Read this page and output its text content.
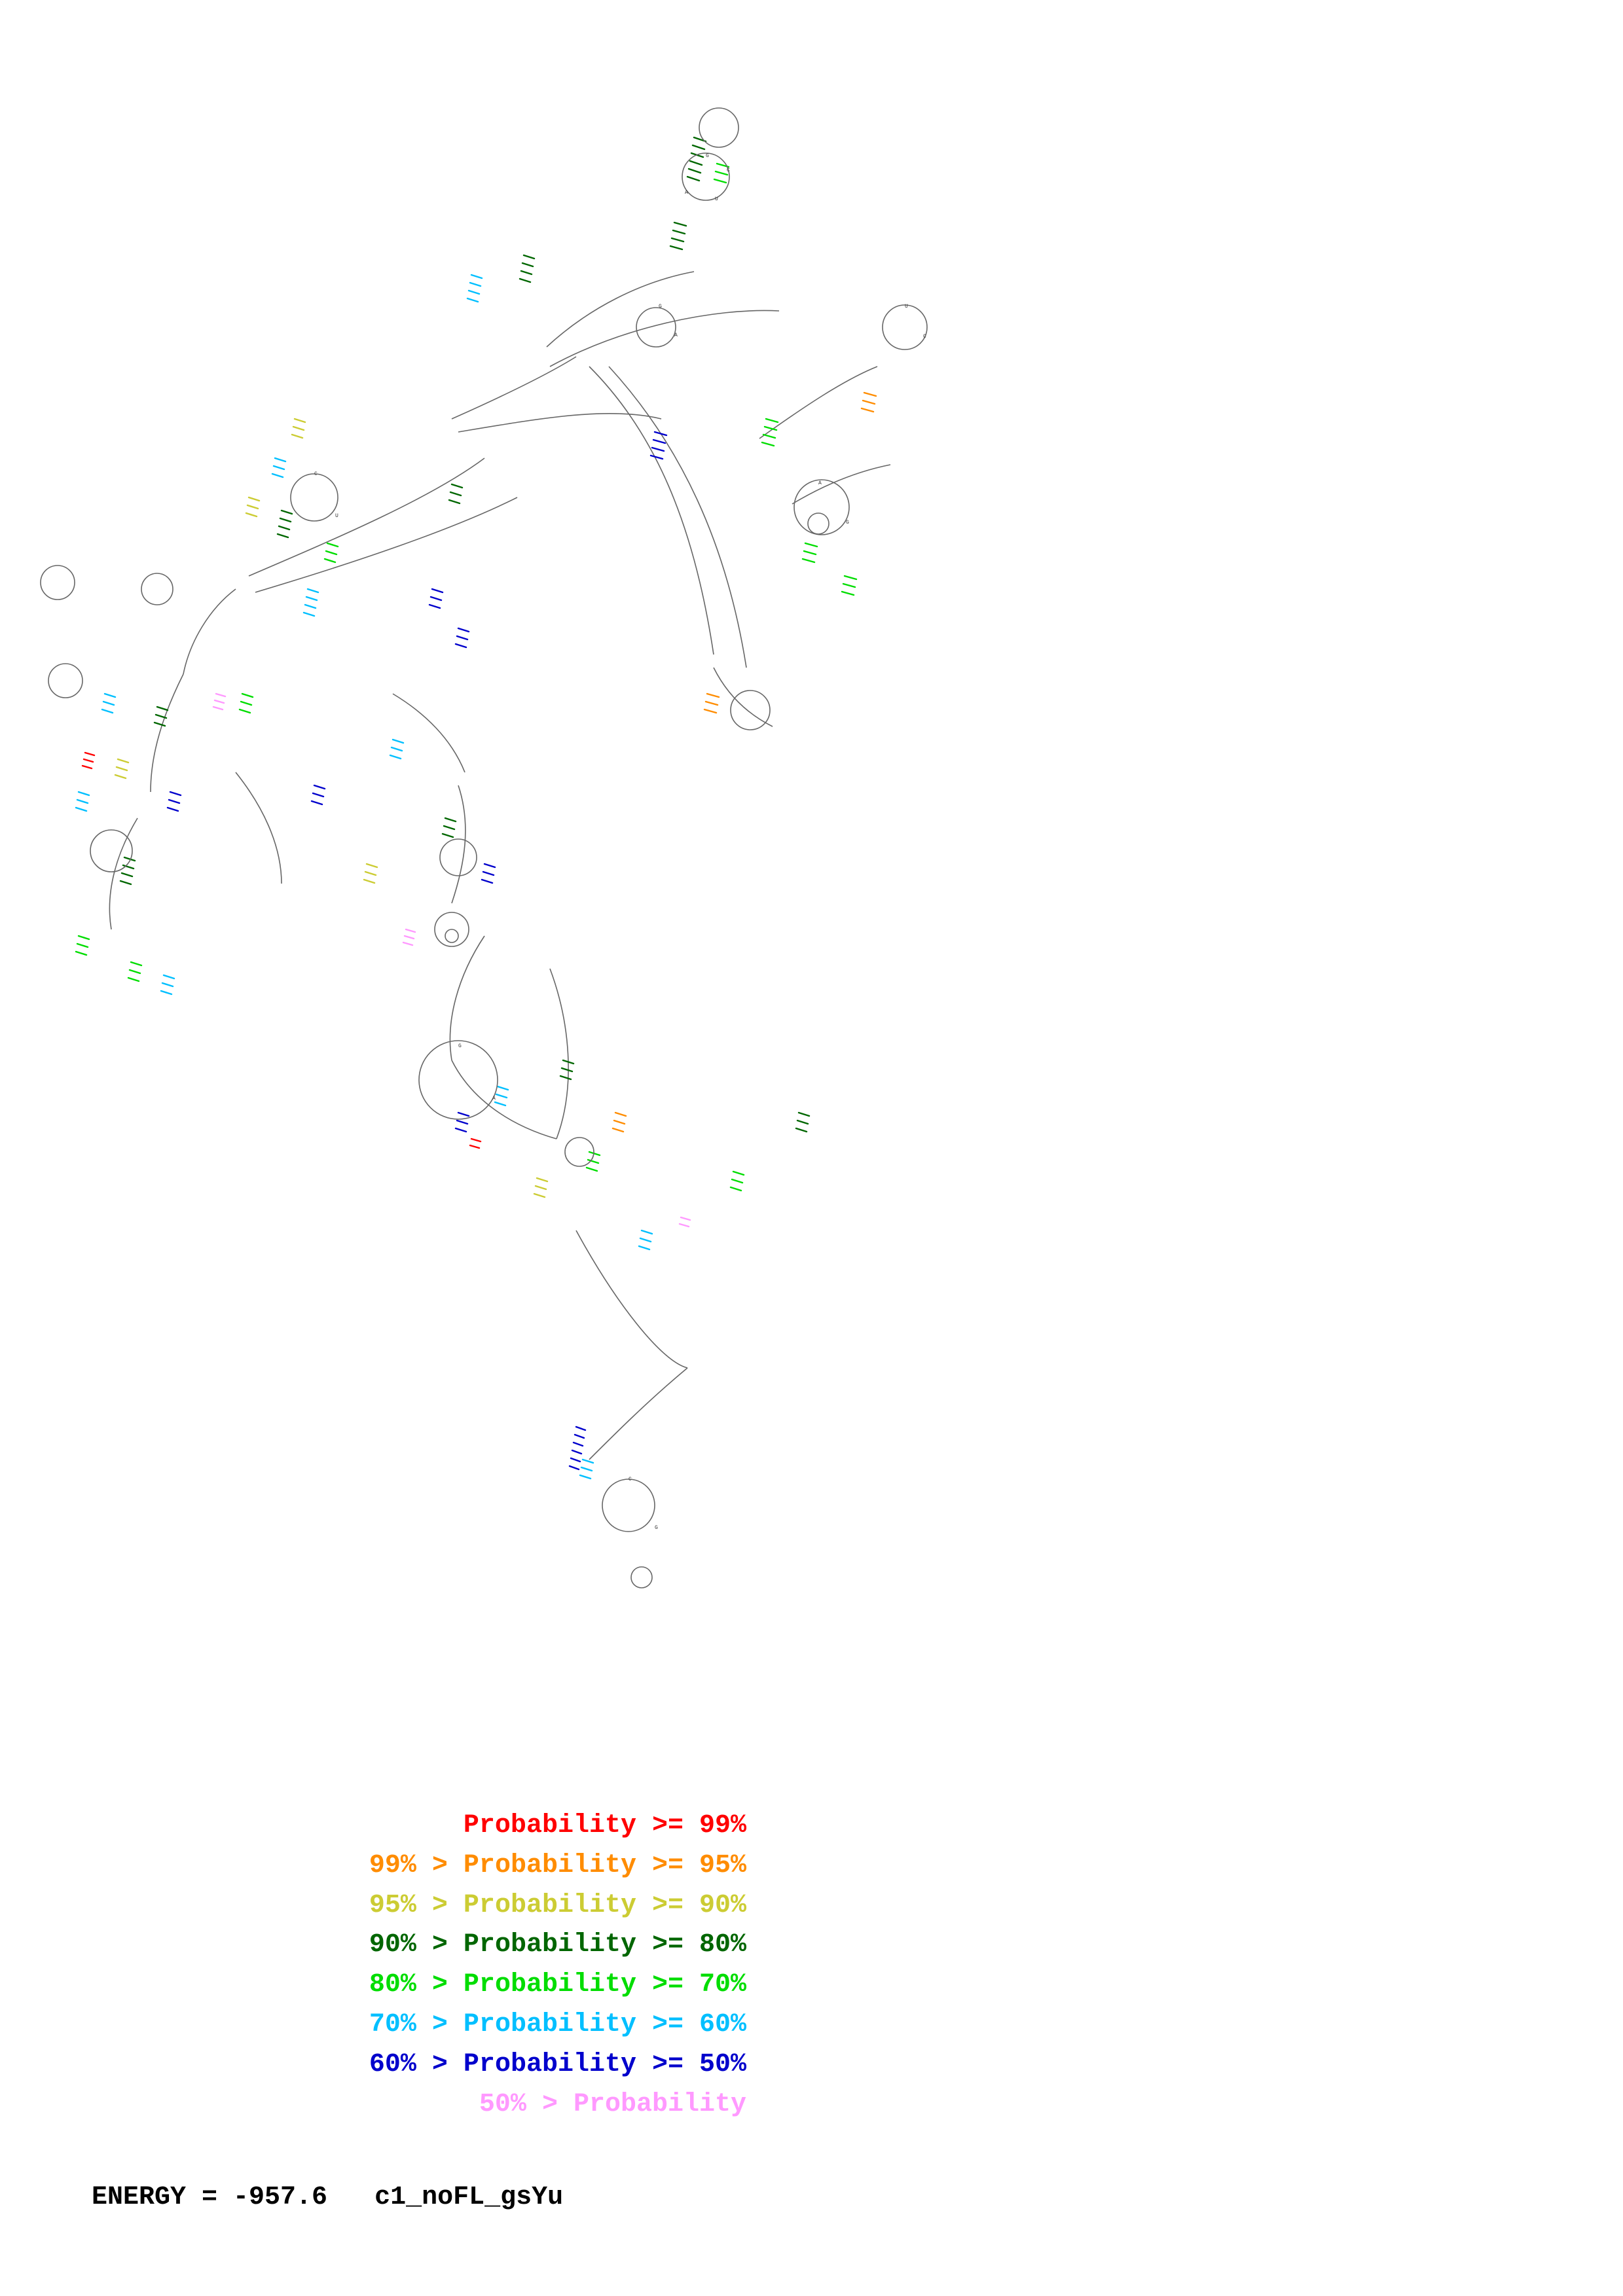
G
C
A
U
G
A
U
C
A
G
C
U
G
A
C
G
Probability >= 99%
99% > Probability >= 95%
95% > Probability >= 90%
90% > Probability >= 80%
80% > Probability >= 70%
70% > Probability >= 60%
60% > Probability >= 50%
50% > Probability
ENERGY = -957.6   c1_noFL_gsYu
